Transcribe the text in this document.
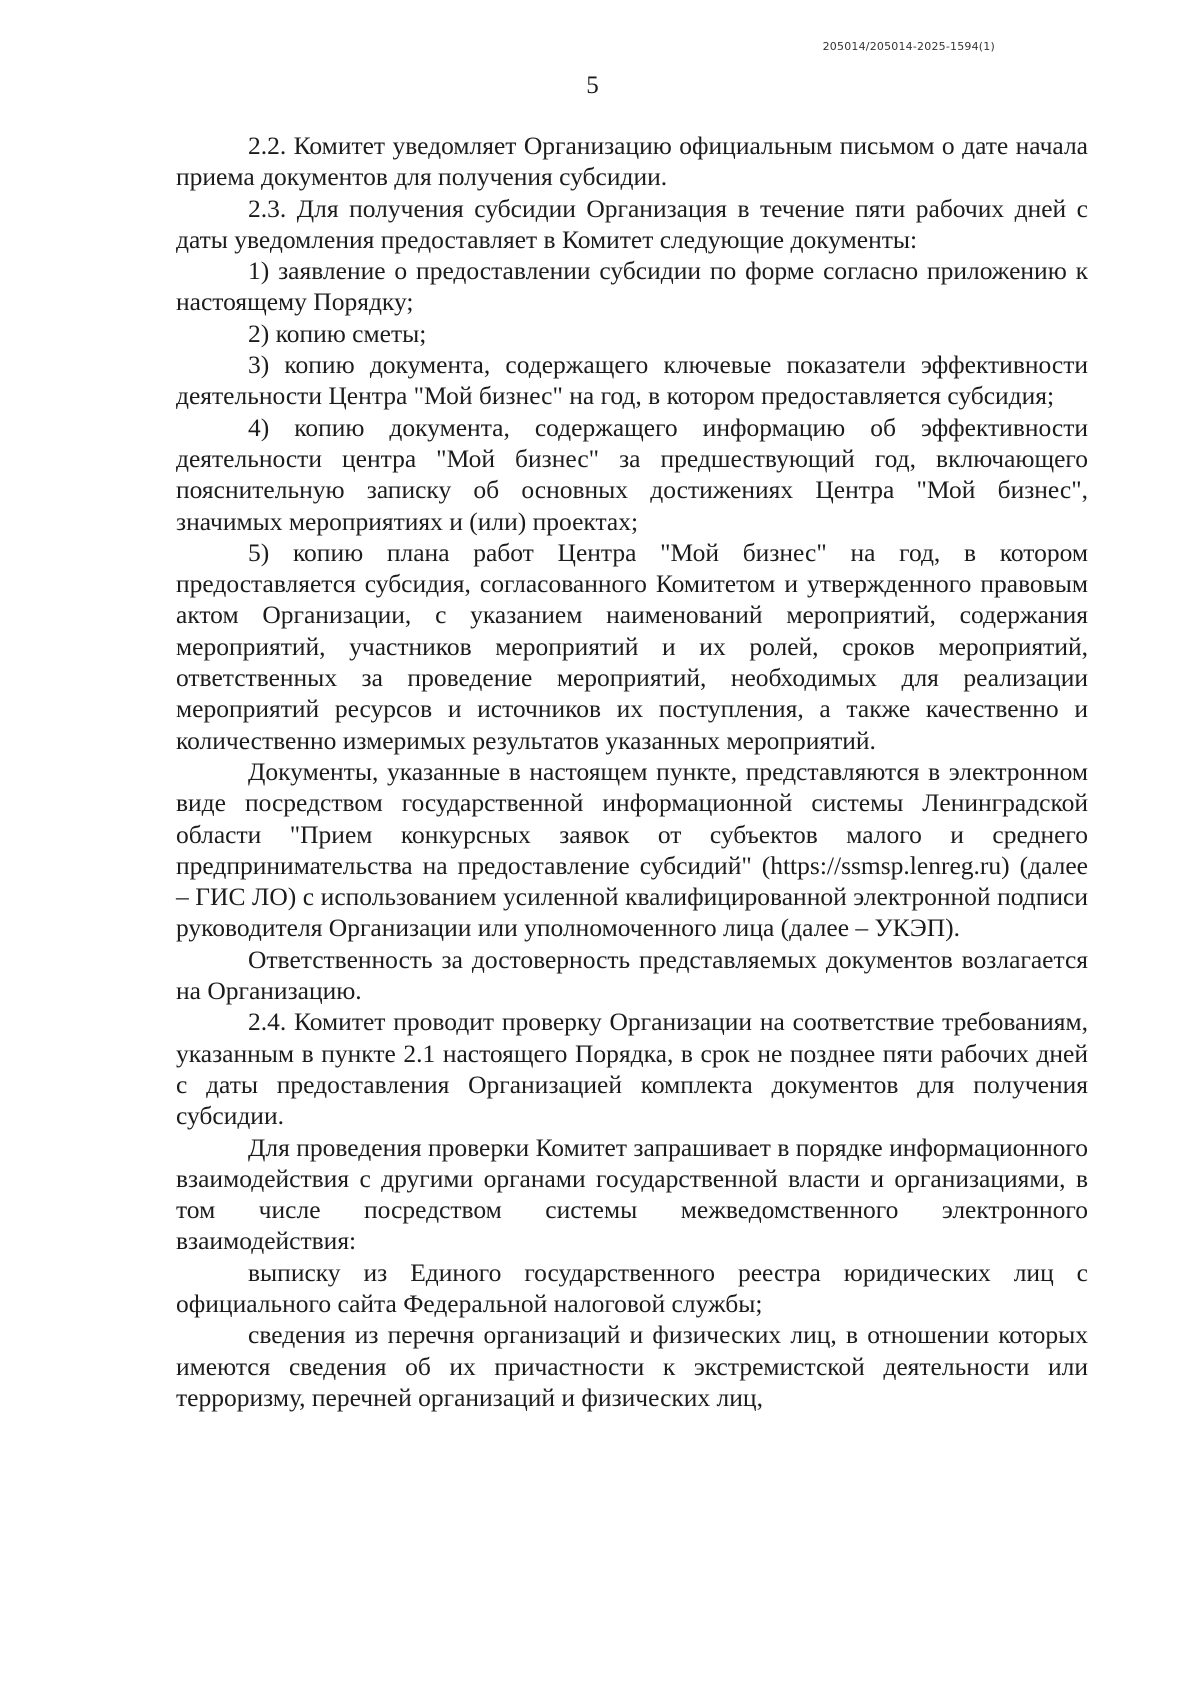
205014/205014-2025-1594(1)
5

2.2. Комитет уведомляет Организацию официальным письмом о дате начала приема документов для получения субсидии.

2.3. Для получения субсидии Организация в течение пяти рабочих дней с даты уведомления предоставляет в Комитет следующие документы:

1) заявление о предоставлении субсидии по форме согласно приложению к настоящему Порядку;

2) копию сметы;

3) копию документа, содержащего ключевые показатели эффективности деятельности Центра "Мой бизнес" на год, в котором предоставляется субсидия;

4) копию документа, содержащего информацию об эффективности деятельности центра "Мой бизнес" за предшествующий год, включающего пояснительную записку об основных достижениях Центра "Мой бизнес", значимых мероприятиях и (или) проектах;

5) копию плана работ Центра "Мой бизнес" на год, в котором предоставляется субсидия, согласованного Комитетом и утвержденного правовым актом Организации, с указанием наименований мероприятий, содержания мероприятий, участников мероприятий и их ролей, сроков мероприятий, ответственных за проведение мероприятий, необходимых для реализации мероприятий ресурсов и источников их поступления, а также качественно и количественно измеримых результатов указанных мероприятий.

Документы, указанные в настоящем пункте, представляются в электронном виде посредством государственной информационной системы Ленинградской области "Прием конкурсных заявок от субъектов малого и среднего предпринимательства на предоставление субсидий" (https://ssmsp.lenreg.ru) (далее – ГИС ЛО) с использованием усиленной квалифицированной электронной подписи руководителя Организации или уполномоченного лица (далее – УКЭП).

Ответственность за достоверность представляемых документов возлагается на Организацию.

2.4. Комитет проводит проверку Организации на соответствие требованиям, указанным в пункте 2.1 настоящего Порядка, в срок не позднее пяти рабочих дней с даты предоставления Организацией комплекта документов для получения субсидии.

Для проведения проверки Комитет запрашивает в порядке информационного взаимодействия с другими органами государственной власти и организациями, в том числе посредством системы межведомственного электронного взаимодействия:

выписку из Единого государственного реестра юридических лиц с официального сайта Федеральной налоговой службы;

сведения из перечня организаций и физических лиц, в отношении которых имеются сведения об их причастности к экстремистской деятельности или терроризму, перечней организаций и физических лиц,
